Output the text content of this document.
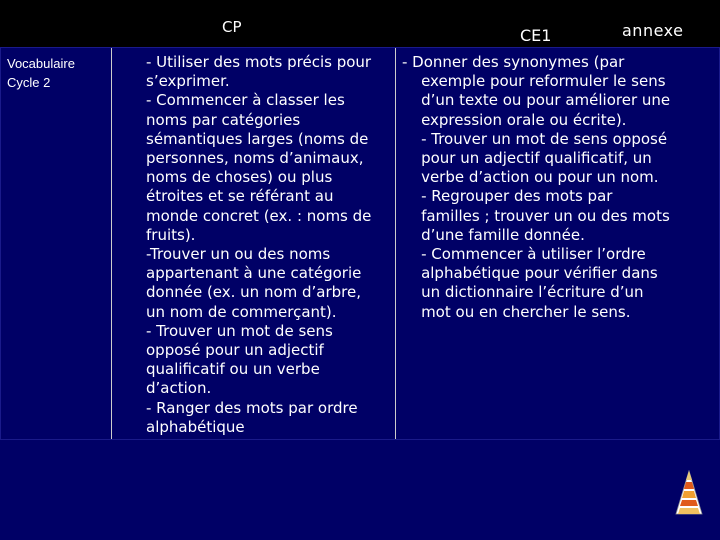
CP	CE1	annexe
Vocabulaire
Cycle 2
- Utiliser des mots précis pour
s’exprimer.
- Commencer à classer les
noms par catégories
sémantiques larges (noms de
personnes, noms d’animaux,
noms de choses) ou plus
étroites et se référant au
monde concret (ex. : noms de
fruits).
-Trouver un ou des noms
appartenant à une catégorie
donnée (ex. un nom d’arbre,
un nom de commerçant).
- Trouver un mot de sens
opposé pour un adjectif
qualificatif ou un verbe
d’action.
- Ranger des mots par ordre
alphabétique
- Donner des synonymes (par
exemple pour reformuler le sens
d’un texte ou pour améliorer une
expression orale ou écrite).
- Trouver un mot de sens opposé
pour un adjectif qualificatif, un
verbe d’action ou pour un nom.
- Regrouper des mots par
familles ; trouver un ou des mots
d’une famille donnée.
- Commencer à utiliser l’ordre
alphabétique pour vérifier dans
un dictionnaire l’écriture d’un
mot ou en chercher le sens.
